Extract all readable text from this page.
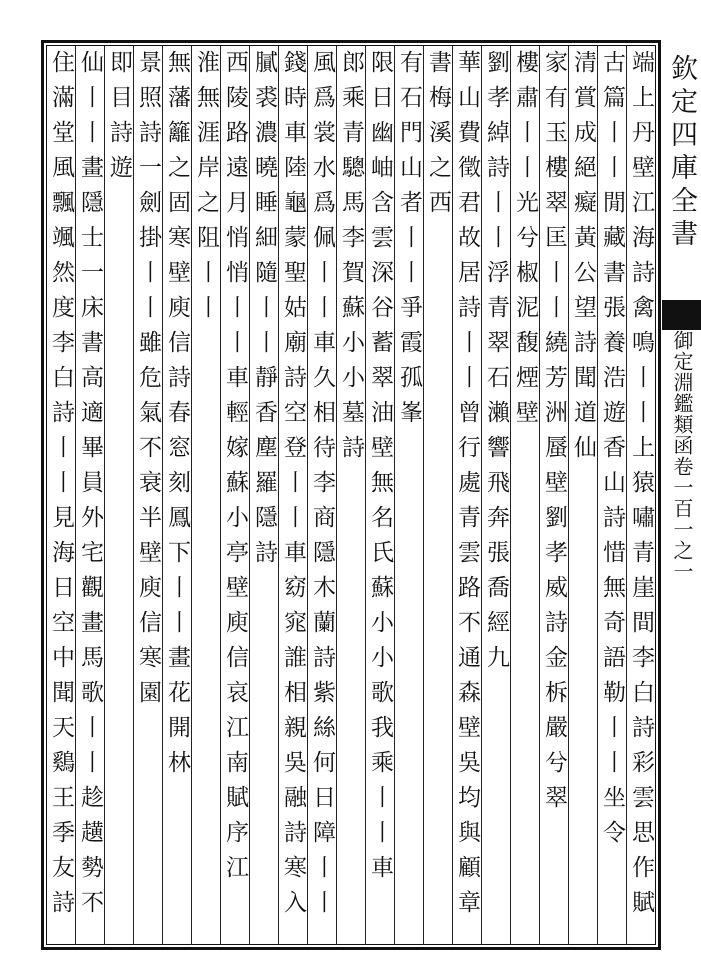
欽定四庫全書
御定淵鑑類函卷一百一之一
端上丹壁江海詩禽鳴丨丨上猿嘯青崖間李白詩彩雲思作賦
古篇丨丨閒藏書張養浩遊香山詩惜無奇語勒丨丨坐令
清賞成絕癡黃公望詩聞道仙
家有玉樓翠匡丨丨繞芳洲蜃壁劉孝威詩金柝嚴兮翠
樓肅丨丨光兮椒泥馥煙壁
劉孝綽詩丨丨浮青翠石瀨響飛奔張喬經九
華山費徵君故居詩丨丨曾行處青雲路不通森壁吳均與顧章
書梅溪之西
有石門山者丨丨爭霞孤峯
限日幽岫含雲深谷蓄翠油壁無名氏蘇小小歌我乘丨丨車
郎乘青驄馬李賀蘇小小墓詩
風爲裳水爲佩丨丨車久相待李商隱木蘭詩紫絲何日障丨丨
錢時車陸龜蒙聖姑廟詩空登丨丨車窈窕誰相親吳融詩寒入
膩裘濃曉睡細隨丨丨靜香塵羅隱詩
西陵路遠月悄悄丨丨車輕嫁蘇小亭壁庾信哀江南賦序江
淮無涯岸之阻丨丨
無藩籬之固寒壁庾信詩春窓刻鳳下丨丨畫花開林
景照詩一劍掛丨丨雖危氣不衰半壁庾信寒園
即目詩遊
仙丨丨畫隱士一床書高適畢員外宅觀畫馬歌丨丨趁趪勢不
住滿堂風飄颯然度李白詩丨丨見海日空中聞天鷄王季友詩
